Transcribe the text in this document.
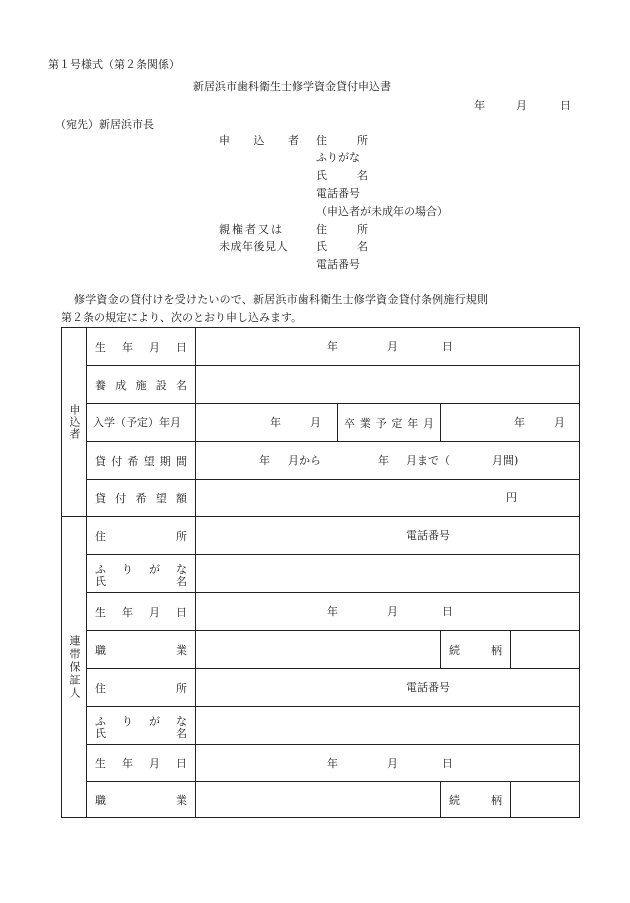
第１号様式（第２条関係）
新居浜市歯科衛生士修学資金貸付申込書
年	月	日
（宛先）新居浜市長
申 込 者 住	所
ふりがな
氏	名
電話番号
（申込者が未成年の場合）
親権者又は
未成年後見人
住	所
氏	名
電話番号
修学資金の貸付けを受けたいので、新居浜市歯科衛生士修学資金貸付条例施行規則
第２条の規定により、次のとおり申し込みます。
申込者
生 年 月 日	年	月	日
養 成 施 設 名
入学（予定）年月	年	月 卒 業 予 定 年 月	年	月
貸 付 希 望 期 間	年 月から	年 月まで（	月間)
貸 付 希 望 額	円
連帯保証人
住	所	電話番号
ふ り が な
氏	名
生 年 月 日	年	月	日
職	業	続	柄
住	所	電話番号
ふ り が な
氏	名
生 年 月 日	年	月	日
職	業	続	柄
